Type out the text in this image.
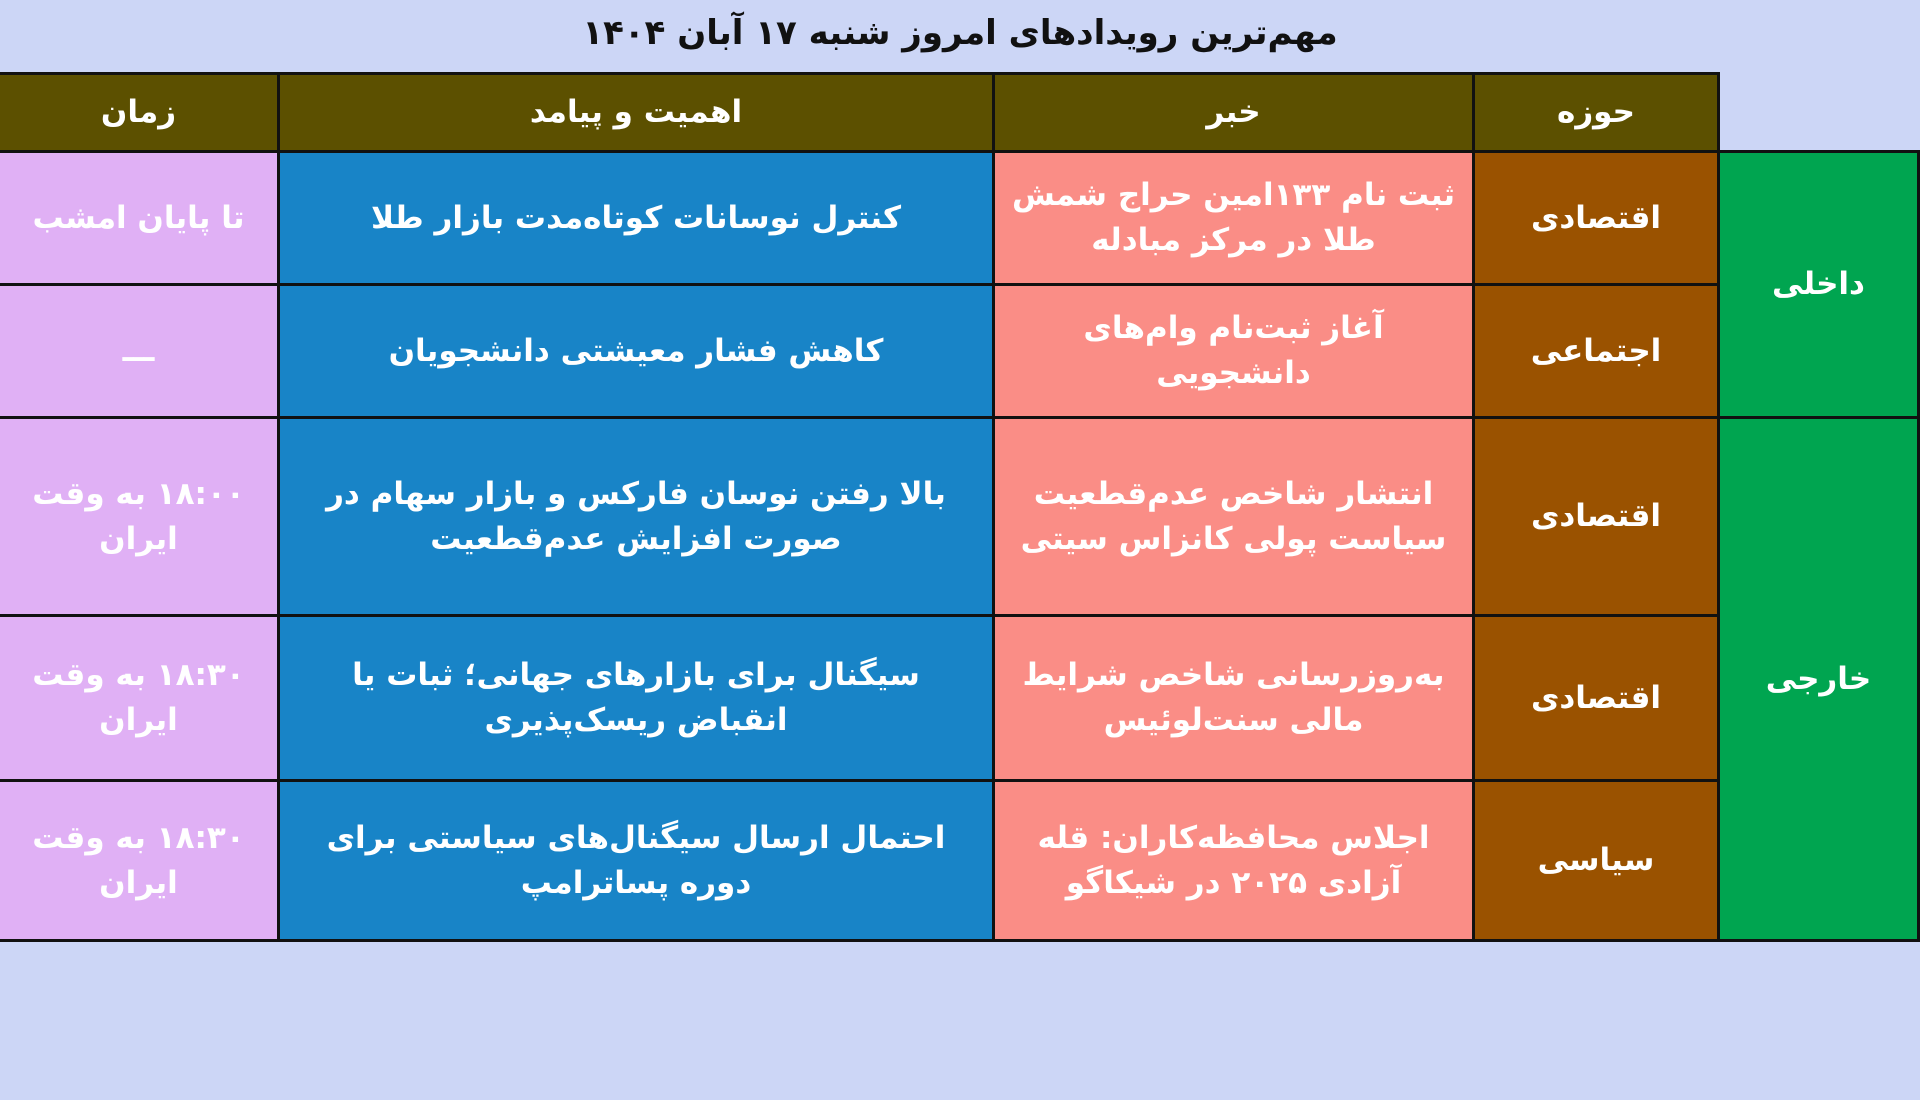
مهم‌ترین رویدادهای امروز شنبه ۱۷ آبان ۱۴۰۴
	حوزه	خبر	اهمیت و پیامد	زمان
داخلی	اقتصادی	ثبت نام ۱۳۳امین حراج شمش طلا در مرکز مبادله	کنترل نوسانات کوتاه‌مدت بازار طلا	تا پایان امشب
	اجتماعی	آغاز ثبت‌نام وام‌های دانشجویی	کاهش فشار معیشتی دانشجویان	ـــ
خارجی	اقتصادی	انتشار شاخص عدم‌قطعیت سیاست پولی کانزاس سیتی	بالا رفتن نوسان فارکس و بازار سهام در صورت افزایش عدم‌قطعیت	۱۸:۰۰ به وقت ایران
	اقتصادی	به‌روزرسانی شاخص شرایط مالی سنت‌لوئیس	سیگنال برای بازارهای جهانی؛ ثبات یا انقباض ریسک‌پذیری	۱۸:۳۰ به وقت ایران
	سیاسی	اجلاس محافظه‌کاران: قله آزادی ۲۰۲۵ در شیکاگو	احتمال ارسال سیگنال‌های سیاستی برای دوره پساترامپ	۱۸:۳۰ به وقت ایران
